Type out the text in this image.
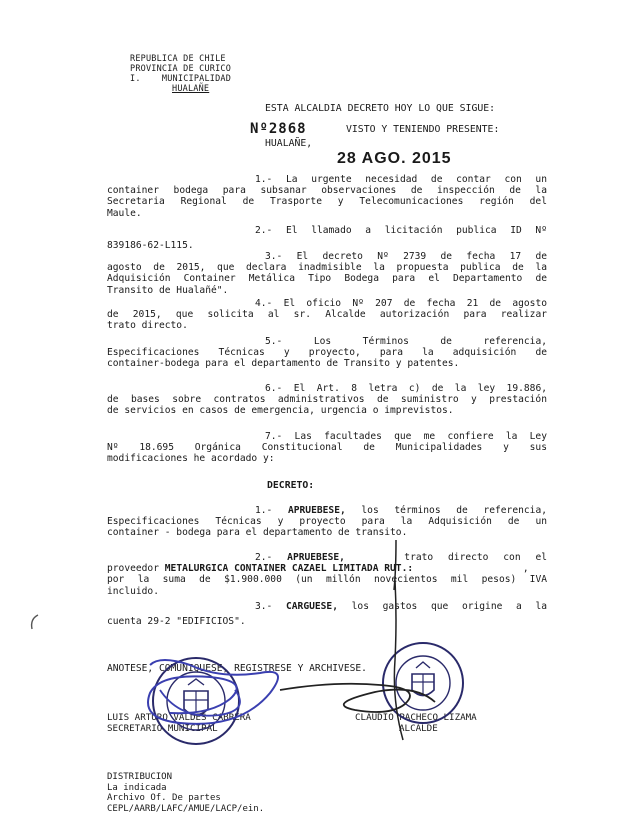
REPUBLICA DE CHILE
PROVINCIA DE CURICO
I.	MUNICIPALIDAD
HUALAÑE
ESTA ALCALDIA DECRETO HOY LO QUE SIGUE:
Nº2868	VISTO Y TENIENDO PRESENTE:
HUALAÑE,
28 AGO. 2015
1.- La urgente necesidad de contar con un
container bodega para subsanar observaciones de inspección de la
Secretaria Regional de Trasporte y Telecomunicaciones región del
Maule.
2.- El llamado a licitación publica ID Nº
839186-62-L115.
3.- El decreto Nº 2739 de fecha 17 de
agosto de 2015, que declara inadmisible la propuesta publica de la
Adquisición Container Metálica Tipo Bodega para el Departamento de
Transito de Hualañé".
4.- El oficio Nº 207 de fecha 21 de agosto
de 2015, que solicita al sr. Alcalde autorización para realizar
trato directo.
5.- Los Términos de referencia,
Especificaciones Técnicas y proyecto, para la adquisición de
container-bodega para el departamento de Transito y patentes.
6.- El Art. 8 letra c) de la ley 19.886,
de bases sobre contratos administrativos de suministro y prestación
de servicios en casos de emergencia, urgencia o imprevistos.
7.- Las facultades que me confiere la Ley
Nº 18.695 Orgánica Constitucional de Municipalidades y sus
modificaciones he acordado y:
DECRETO:
1.- APRUEBESE, los términos de referencia,
Especificaciones Técnicas y proyecto para la Adquisición de un
container - bodega para el departamento de transito.
2.- APRUEBESE,	trato directo con el
proveedor METALURGICA CONTAINER CAZAEL LIMITADA RUT.:	,
por la suma de $1.900.000 (un millón novecientos mil pesos) IVA
incluido.
3.- CARGUESE, los gastos que origine a la
cuenta 29-2 "EDIFICIOS".
ANOTESE, COMUNIQUESE, REGISTRESE Y ARCHIVESE.
LUIS ARTURO VALDES CABRERA
SECRETARIO MUNICIPAL
CLAUDIO PACHECO LIZAMA
ALCALDE
DISTRIBUCION
La indicada
Archivo Of. De partes
CEPL/AARB/LAFC/AMUE/LACP/ein.
